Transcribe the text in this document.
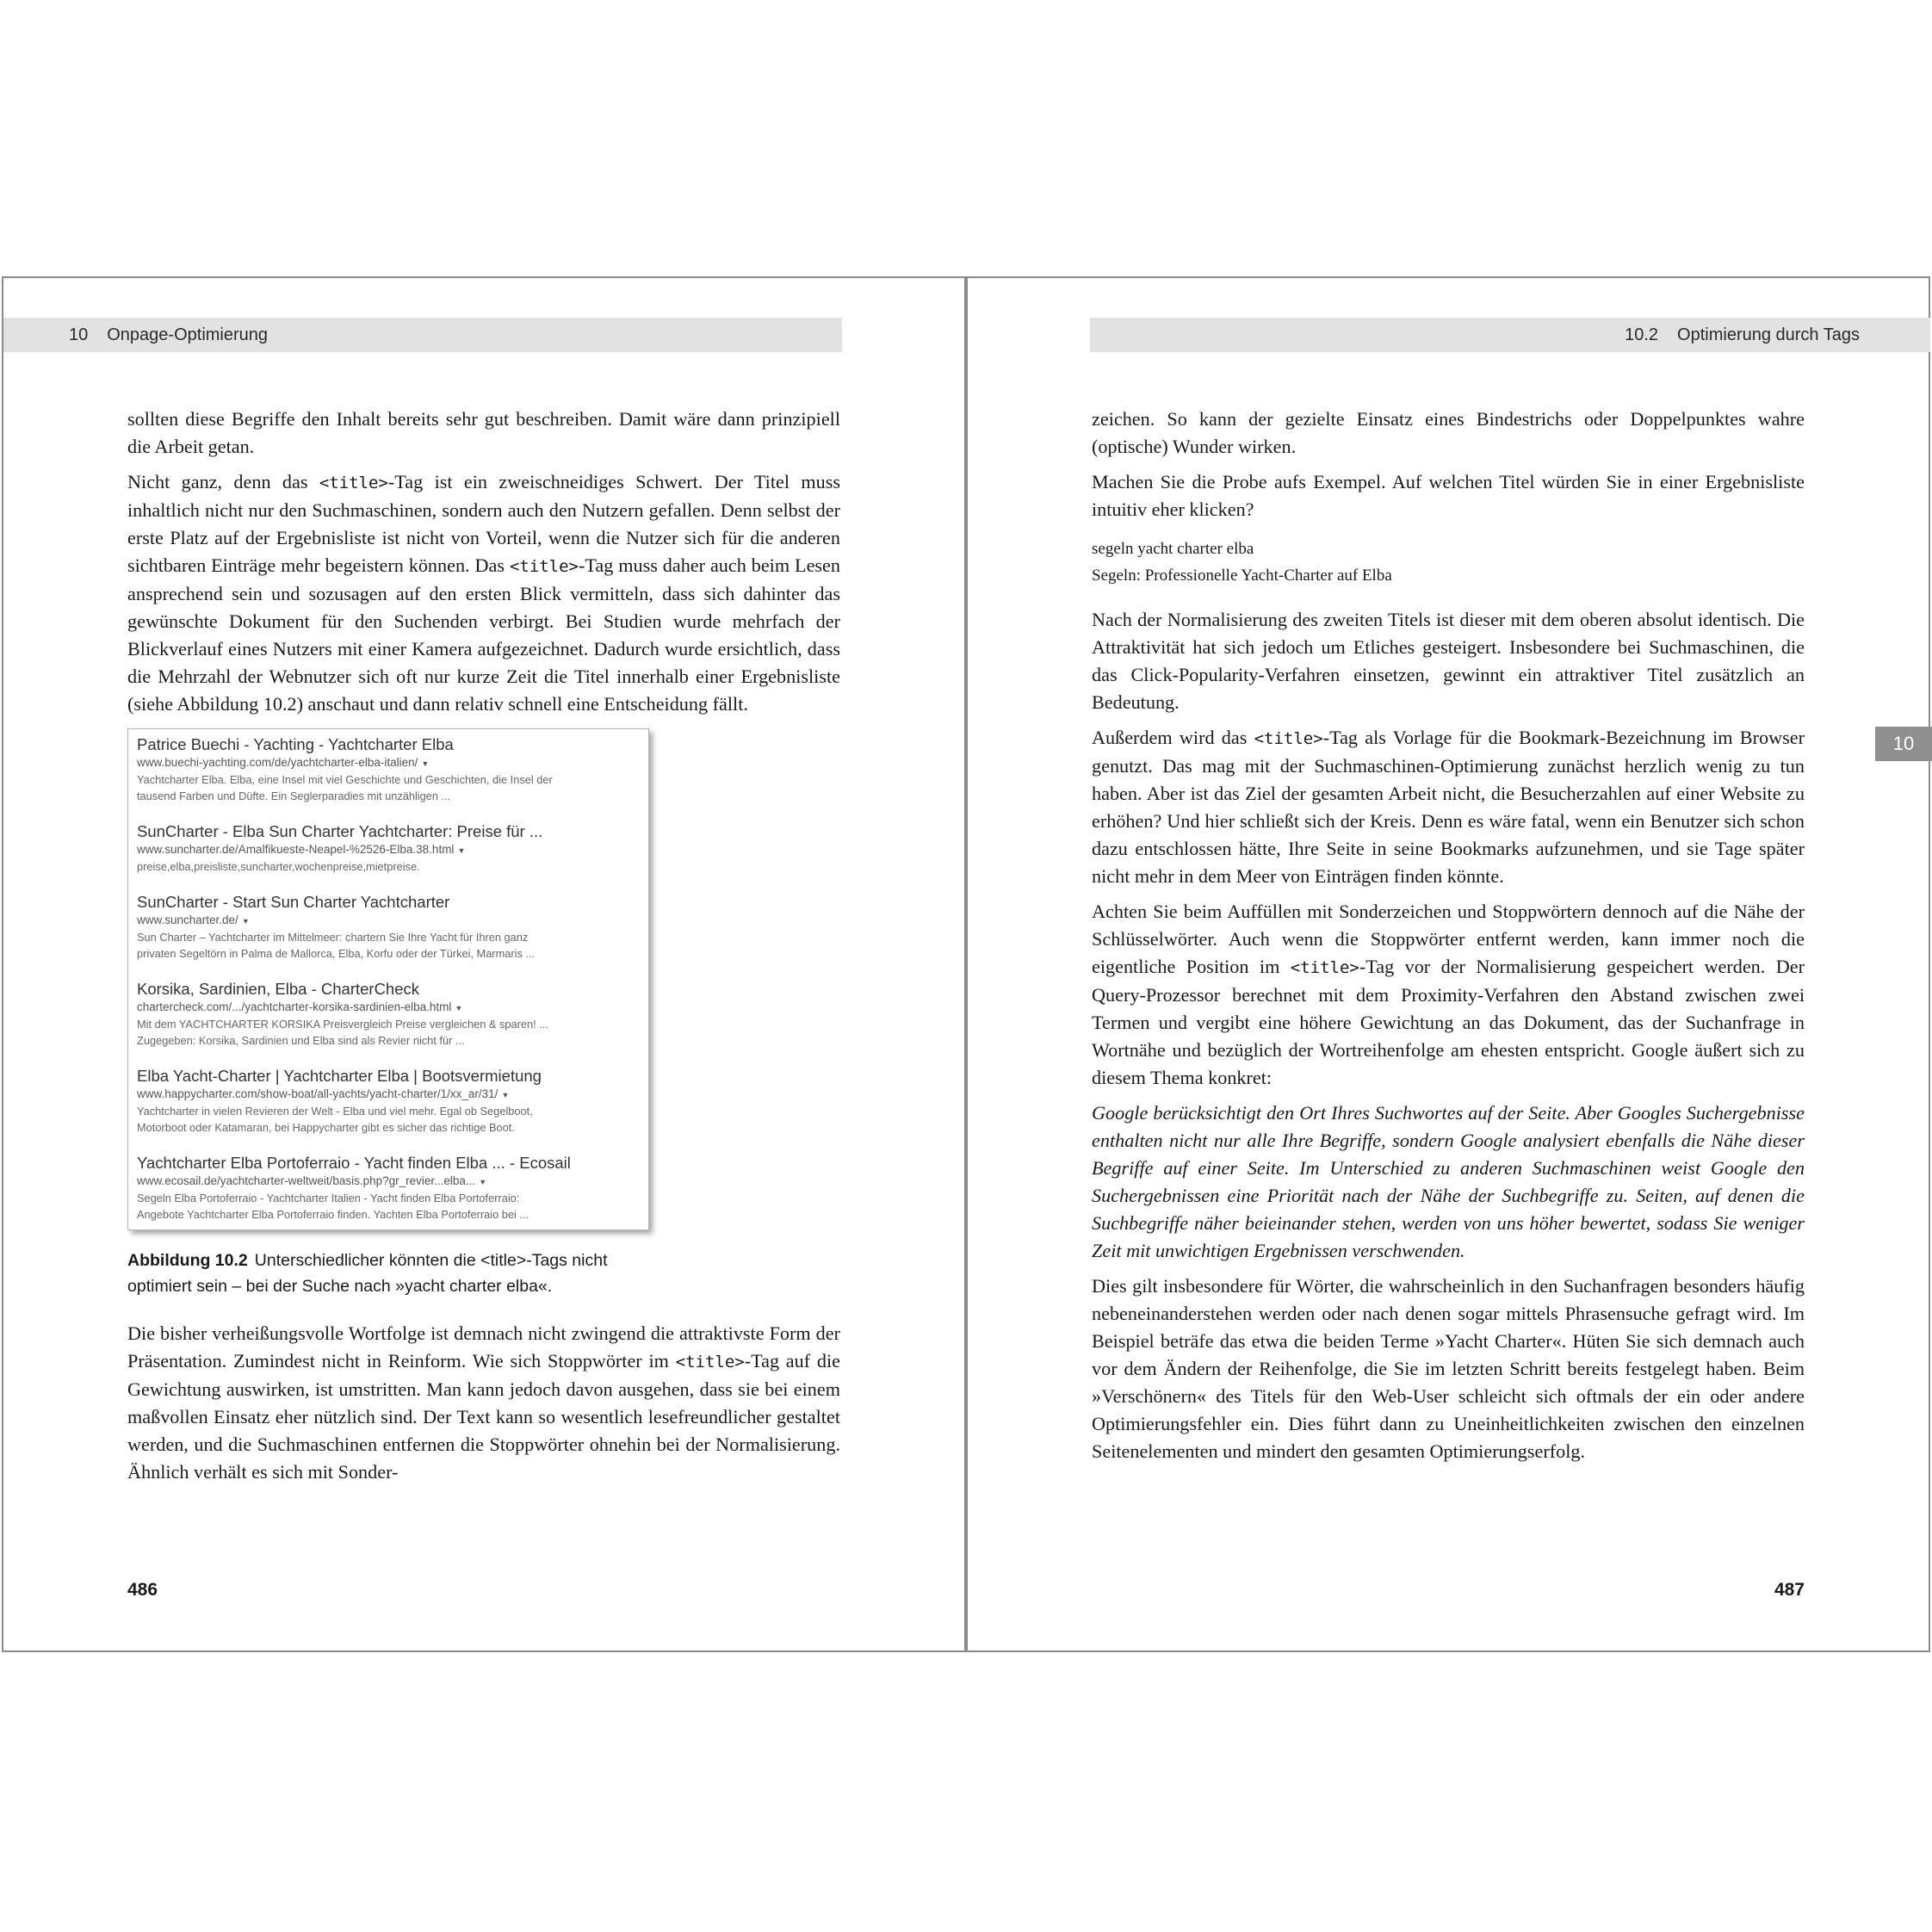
10 Onpage-Optimierung

sollten diese Begriffe den Inhalt bereits sehr gut beschreiben. Damit wäre dann prinzipiell die Arbeit getan.

Nicht ganz, denn das <title>-Tag ist ein zweischneidiges Schwert. Der Titel muss inhaltlich nicht nur den Suchmaschinen, sondern auch den Nutzern gefallen. Denn selbst der erste Platz auf der Ergebnisliste ist nicht von Vorteil, wenn die Nutzer sich für die anderen sichtbaren Einträge mehr begeistern können. Das <title>-Tag muss daher auch beim Lesen ansprechend sein und sozusagen auf den ersten Blick vermitteln, dass sich dahinter das gewünschte Dokument für den Suchenden verbirgt. Bei Studien wurde mehrfach der Blickverlauf eines Nutzers mit einer Kamera aufgezeichnet. Dadurch wurde ersichtlich, dass die Mehrzahl der Webnutzer sich oft nur kurze Zeit die Titel innerhalb einer Ergebnisliste (siehe Abbildung 10.2) anschaut und dann relativ schnell eine Entscheidung fällt.

Patrice Buechi - Yachting - Yachtcharter Elba
www.buechi-yachting.com/de/yachtcharter-elba-italien/ ▼
Yachtcharter Elba. Elba, eine Insel mit viel Geschichte und Geschichten, die Insel der
tausend Farben und Düfte. Ein Seglerparadies mit unzähligen ...
SunCharter - Elba Sun Charter Yachtcharter: Preise für ...
www.suncharter.de/Amalfikueste-Neapel-%2526-Elba.38.html ▼
preise,elba,preisliste,suncharter,wochenpreise,mietpreise.
SunCharter - Start Sun Charter Yachtcharter
www.suncharter.de/ ▼
Sun Charter – Yachtcharter im Mittelmeer: chartern Sie Ihre Yacht für Ihren ganz
privaten Segeltörn in Palma de Mallorca, Elba, Korfu oder der Türkei, Marmaris ...
Korsika, Sardinien, Elba - CharterCheck
chartercheck.com/.../yachtcharter-korsika-sardinien-elba.html ▼
Mit dem YACHTCHARTER KORSIKA Preisvergleich Preise vergleichen & sparen! ...
Zugegeben: Korsika, Sardinien und Elba sind als Revier nicht für ...
Elba Yacht-Charter | Yachtcharter Elba | Bootsvermietung
www.happycharter.com/show-boat/all-yachts/yacht-charter/1/xx_ar/31/ ▼
Yachtcharter in vielen Revieren der Welt - Elba und viel mehr. Egal ob Segelboot,
Motorboot oder Katamaran, bei Happycharter gibt es sicher das richtige Boot.
Yachtcharter Elba Portoferraio - Yacht finden Elba ... - Ecosail
www.ecosail.de/yachtcharter-weltweit/basis.php?gr_revier...elba... ▼
Segeln Elba Portoferraio - Yachtcharter Italien - Yacht finden Elba Portoferraio:
Angebote Yachtcharter Elba Portoferraio finden. Yachten Elba Portoferraio bei ...
Abbildung 10.2 Unterschiedlicher könnten die <title>-Tags nicht
optimiert sein – bei der Suche nach »yacht charter elba«.

Die bisher verheißungsvolle Wortfolge ist demnach nicht zwingend die attraktivste Form der Präsentation. Zumindest nicht in Reinform. Wie sich Stoppwörter im <title>-Tag auf die Gewichtung auswirken, ist umstritten. Man kann jedoch davon ausgehen, dass sie bei einem maßvollen Einsatz eher nützlich sind. Der Text kann so wesentlich lesefreundlicher gestaltet werden, und die Suchmaschinen entfernen die Stoppwörter ohnehin bei der Normalisierung. Ähnlich verhält es sich mit Sonder-

486
10.2 Optimierung durch Tags

zeichen. So kann der gezielte Einsatz eines Bindestrichs oder Doppelpunktes wahre (optische) Wunder wirken.

Machen Sie die Probe aufs Exempel. Auf welchen Titel würden Sie in einer Ergebnisliste intuitiv eher klicken?

segeln yacht charter elba
Segeln: Professionelle Yacht-Charter auf Elba

Nach der Normalisierung des zweiten Titels ist dieser mit dem oberen absolut identisch. Die Attraktivität hat sich jedoch um Etliches gesteigert. Insbesondere bei Suchmaschinen, die das Click-Popularity-Verfahren einsetzen, gewinnt ein attraktiver Titel zusätzlich an Bedeutung.

Außerdem wird das <title>-Tag als Vorlage für die Bookmark-Bezeichnung im Browser genutzt. Das mag mit der Suchmaschinen-Optimierung zunächst herzlich wenig zu tun haben. Aber ist das Ziel der gesamten Arbeit nicht, die Besucherzahlen auf einer Website zu erhöhen? Und hier schließt sich der Kreis. Denn es wäre fatal, wenn ein Benutzer sich schon dazu entschlossen hätte, Ihre Seite in seine Bookmarks aufzunehmen, und sie Tage später nicht mehr in dem Meer von Einträgen finden könnte.

Achten Sie beim Auffüllen mit Sonderzeichen und Stoppwörtern dennoch auf die Nähe der Schlüsselwörter. Auch wenn die Stoppwörter entfernt werden, kann immer noch die eigentliche Position im <title>-Tag vor der Normalisierung gespeichert werden. Der Query-Prozessor berechnet mit dem Proximity-Verfahren den Abstand zwischen zwei Termen und vergibt eine höhere Gewichtung an das Dokument, das der Suchanfrage in Wortnähe und bezüglich der Wortreihenfolge am ehesten entspricht. Google äußert sich zu diesem Thema konkret:

Google berücksichtigt den Ort Ihres Suchwortes auf der Seite. Aber Googles Suchergebnisse enthalten nicht nur alle Ihre Begriffe, sondern Google analysiert ebenfalls die Nähe dieser Begriffe auf einer Seite. Im Unterschied zu anderen Suchmaschinen weist Google den Suchergebnissen eine Priorität nach der Nähe der Suchbegriffe zu. Seiten, auf denen die Suchbegriffe näher beieinander stehen, werden von uns höher bewertet, sodass Sie weniger Zeit mit unwichtigen Ergebnissen verschwenden.

Dies gilt insbesondere für Wörter, die wahrscheinlich in den Suchanfragen besonders häufig nebeneinanderstehen werden oder nach denen sogar mittels Phrasensuche gefragt wird. Im Beispiel beträfe das etwa die beiden Terme »Yacht Charter«. Hüten Sie sich demnach auch vor dem Ändern der Reihenfolge, die Sie im letzten Schritt bereits festgelegt haben. Beim »Verschönern« des Titels für den Web-User schleicht sich oftmals der ein oder andere Optimierungsfehler ein. Dies führt dann zu Uneinheitlichkeiten zwischen den einzelnen Seitenelementen und mindert den gesamten Optimierungserfolg.

487
10
